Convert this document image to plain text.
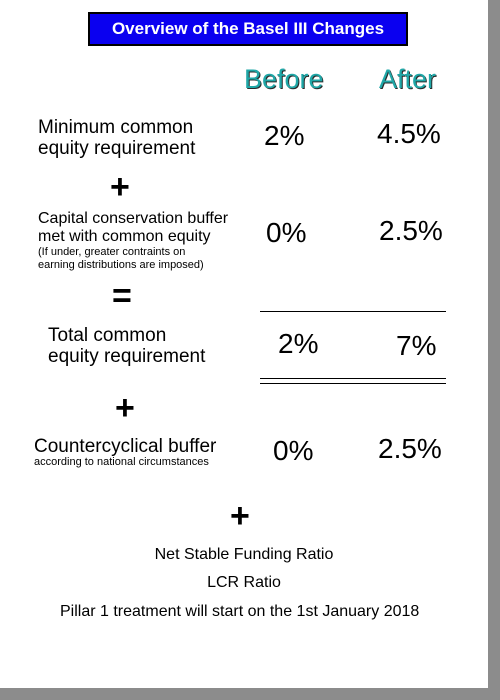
Overview of the Basel III Changes
Before After
Minimum common
equity requirement 2%	4.5%
+
Capital conservation buffer
met with common equity
(If under, greater contraints on
earning distributions are imposed)
0%	2.5%
=
Total common
equity requirement	2%	7%
+
Countercyclical buffer
according to national circumstances 0% 2.5%
+
Net Stable Funding Ratio
LCR Ratio
Pillar 1 treatment will start on the 1st January 2018
